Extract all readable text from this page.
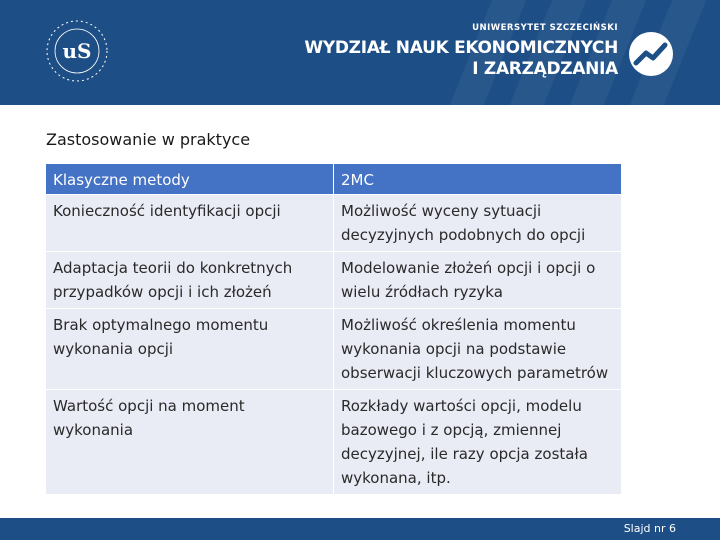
uS
UNIWERSYTET SZCZECIŃSKI
WYDZIAŁ NAUK EKONOMICZNYCH
I ZARZĄDZANIA
Zastosowanie w praktyce
Klasyczne metody	2MC
Konieczność identyfikacji opcji	Możliwość wyceny sytuacji decyzyjnych podobnych do opcji
Adaptacja teorii do konkretnych przypadków opcji i ich złożeń	Modelowanie złożeń opcji i opcji o wielu źródłach ryzyka
Brak optymalnego momentu wykonania opcji	Możliwość określenia momentu wykonania opcji na podstawie obserwacji kluczowych parametrów
Wartość opcji na moment wykonania	Rozkłady wartości opcji, modelu bazowego i z opcją, zmiennej decyzyjnej, ile razy opcja została wykonana, itp.
Slajd nr 6
